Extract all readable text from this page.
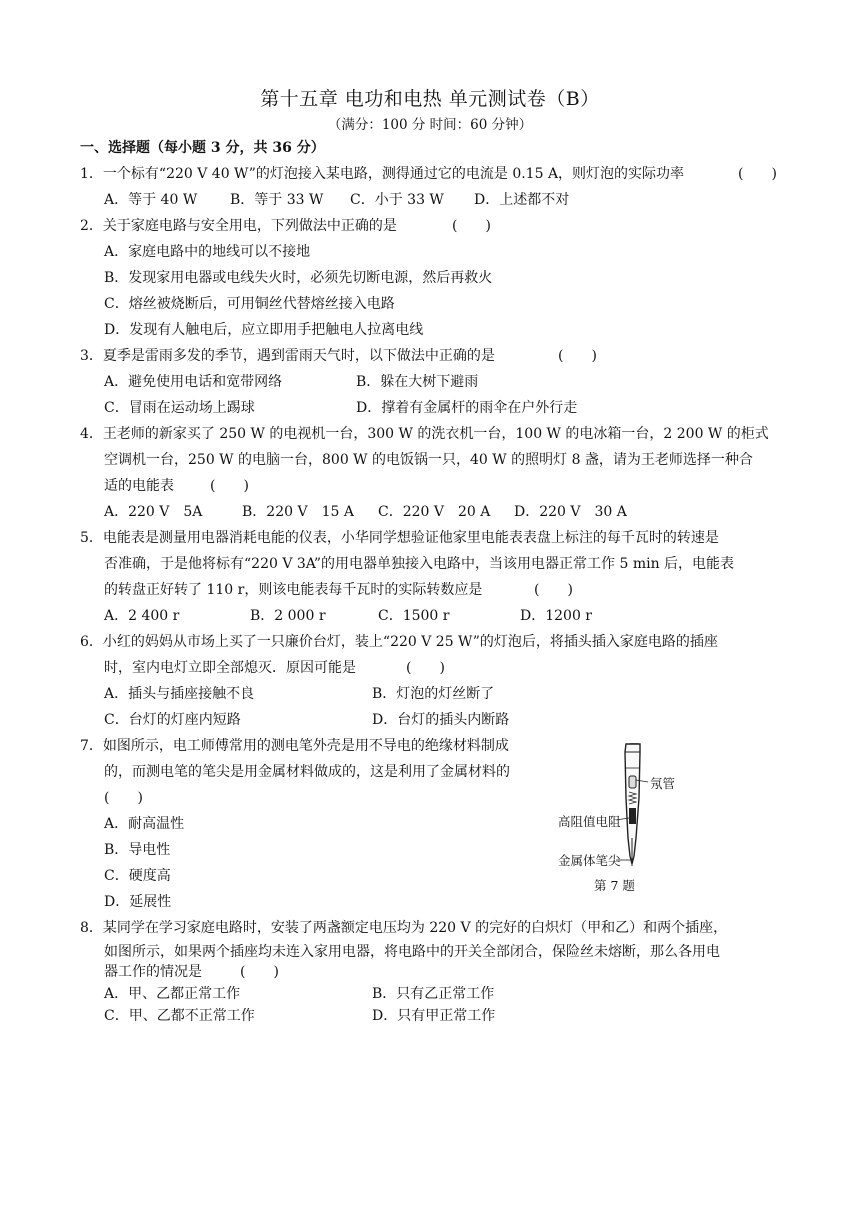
第十五章 电功和电热 单元测试卷（B）
（满分：100 分 时间：60 分钟）
一、选择题（每小题 3 分，共 36 分）
1．一个标有“220 V 40 W”的灯泡接入某电路，测得通过它的电流是 0.15 A，则灯泡的实际功率	(　　)
A．等于 40 W B．等于 33 W C．小于 33 W D．上述都不对
2．关于家庭电路与安全用电，下列做法中正确的是	(　　)
A．家庭电路中的地线可以不接地
B．发现家用电器或电线失火时，必须先切断电源，然后再救火
C．熔丝被烧断后，可用铜丝代替熔丝接入电路
D．发现有人触电后，应立即用手把触电人拉离电线
3．夏季是雷雨多发的季节，遇到雷雨天气时，以下做法中正确的是	(　　)
A．避免使用电话和宽带网络	B．躲在大树下避雨
C．冒雨在运动场上踢球	D．撑着有金属杆的雨伞在户外行走
4．王老师的新家买了 250 W 的电视机一台，300 W 的洗衣机一台，100 W 的电冰箱一台，2 200 W 的柜式
空调机一台，250 W 的电脑一台，800 W 的电饭锅一只，40 W 的照明灯 8 盏，请为王老师选择一种合
适的电能表	(　　)
A．220 V　5A	B．220 V　15 A C．220 V　20 A D．220 V　30 A
5．电能表是测量用电器消耗电能的仪表，小华同学想验证他家里电能表表盘上标注的每千瓦时的转速是
否准确，于是他将标有“220 V 3A”的用电器单独接入电路中，当该用电器正常工作 5 min 后，电能表
的转盘正好转了 110 r，则该电能表每千瓦时的实际转数应是	(　　)
A．2 400 r	B．2 000 r	C．1500 r	D．1200 r
6．小红的妈妈从市场上买了一只廉价台灯，装上“220 V 25 W”的灯泡后，将插头插入家庭电路的插座
时，室内电灯立即全部熄灭．原因可能是	(　　)
A．插头与插座接触不良	B．灯泡的灯丝断了
C．台灯的灯座内短路	D．台灯的插头内断路
7．如图所示，电工师傅常用的测电笔外壳是用不导电的绝缘材料制成
的，而测电笔的笔尖是用金属材料做成的，这是利用了金属材料的
(　　)
A．耐高温性
B．导电性
C．硬度高
D．延展性
氖管
高阻值电阻
金属体笔尖
第 7 题
8．某同学在学习家庭电路时，安装了两盏额定电压均为 220 V 的完好的白炽灯（甲和乙）和两个插座，
如图所示，如果两个插座均未连入家用电器，将电路中的开关全部闭合，保险丝未熔断，那么各用电
器工作的情况是	(　　)
A．甲、乙都正常工作	B．只有乙正常工作
C．甲、乙都不正常工作	D．只有甲正常工作
